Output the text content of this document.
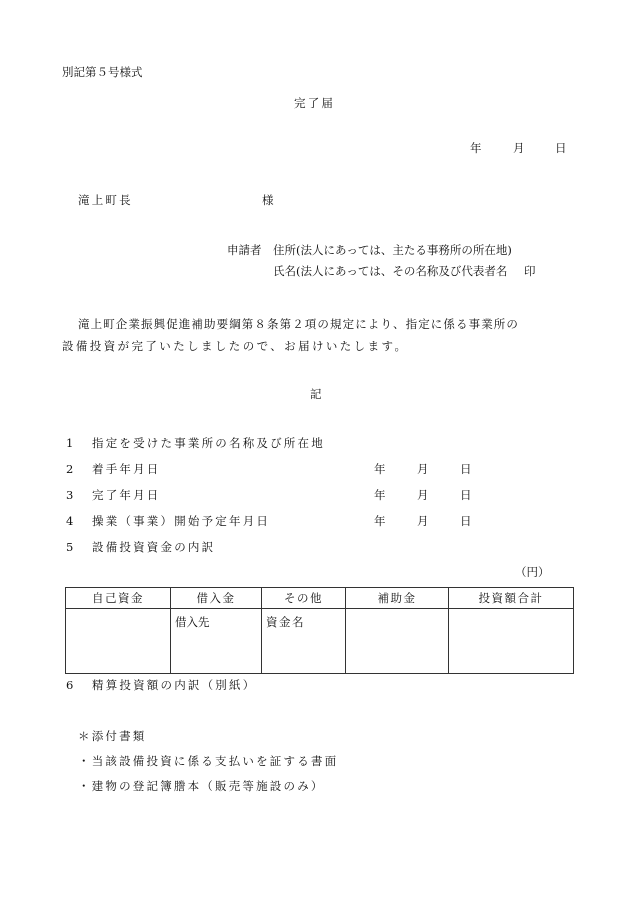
別記第５号様式
完了届
年	月	日
滝上町長	様
申請者 住所(法人にあっては、主たる事務所の所在地)
氏名(法人にあっては、その名称及び代表者名 印
滝上町企業振興促進補助要綱第８条第２項の規定により、指定に係る事業所の
設備投資が完了いたしましたので、お届けいたします。
記
1 指定を受けた事業所の名称及び所在地
2 着手年月日	年	月	日
3 完了年月日	年	月	日
4 操業（事業）開始予定年月日	年	月	日
5 設備投資資金の内訳
（円）
自己資金	借入金	その他	補助金	投資額合計
	借入先	資金名		
6 精算投資額の内訳（別紙）
＊添付書類
・当該設備投資に係る支払いを証する書面
・建物の登記簿謄本（販売等施設のみ）
